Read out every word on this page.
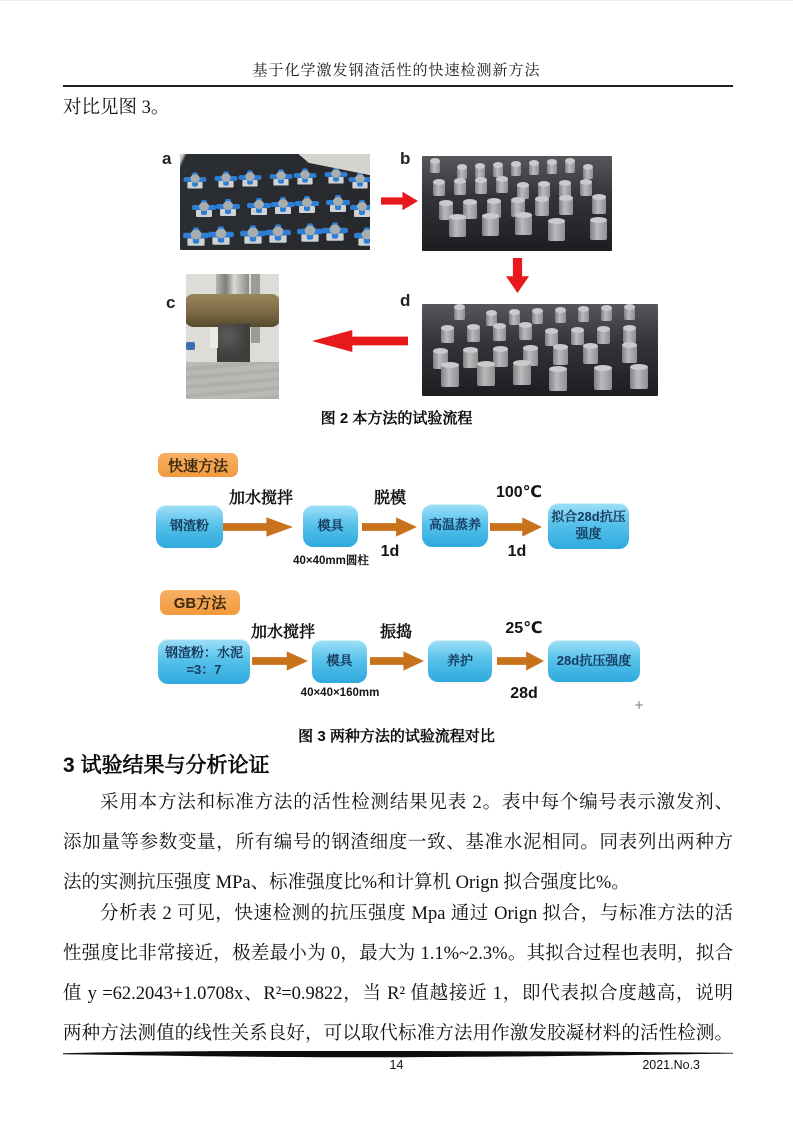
基于化学激发钢渣活性的快速检测新方法
对比见图 3。
a	b
c	d
图 2 本方法的试验流程
快速方法
钢渣粉
加水搅拌
模具
40×40mm圆柱
脱模
1d
高温蒸养
100℃
1d
拟合28d抗压强度
GB方法
钢渣粉：水泥=3：7
加水搅拌
模具
40×40×160mm
振捣
养护
25℃
28d
28d抗压强度
+
图 3 两种方法的试验流程对比
3 试验结果与分析论证
采用本方法和标准方法的活性检测结果见表 2。表中每个编号表示激发剂、
添加量等参数变量，所有编号的钢渣细度一致、基准水泥相同。同表列出两种方
法的实测抗压强度 MPa、标准强度比%和计算机 Orign 拟合强度比%。
分析表 2 可见，快速检测的抗压强度 Mpa 通过 Orign 拟合，与标准方法的活
性强度比非常接近，极差最小为 0，最大为 1.1%~2.3%。其拟合过程也表明，拟合
值 y =62.2043+1.0708x、R²=0.9822，当 R² 值越接近 1，即代表拟合度越高，说明
两种方法测值的线性关系良好，可以取代标准方法用作激发胶凝材料的活性检测。
14	2021.No.3
